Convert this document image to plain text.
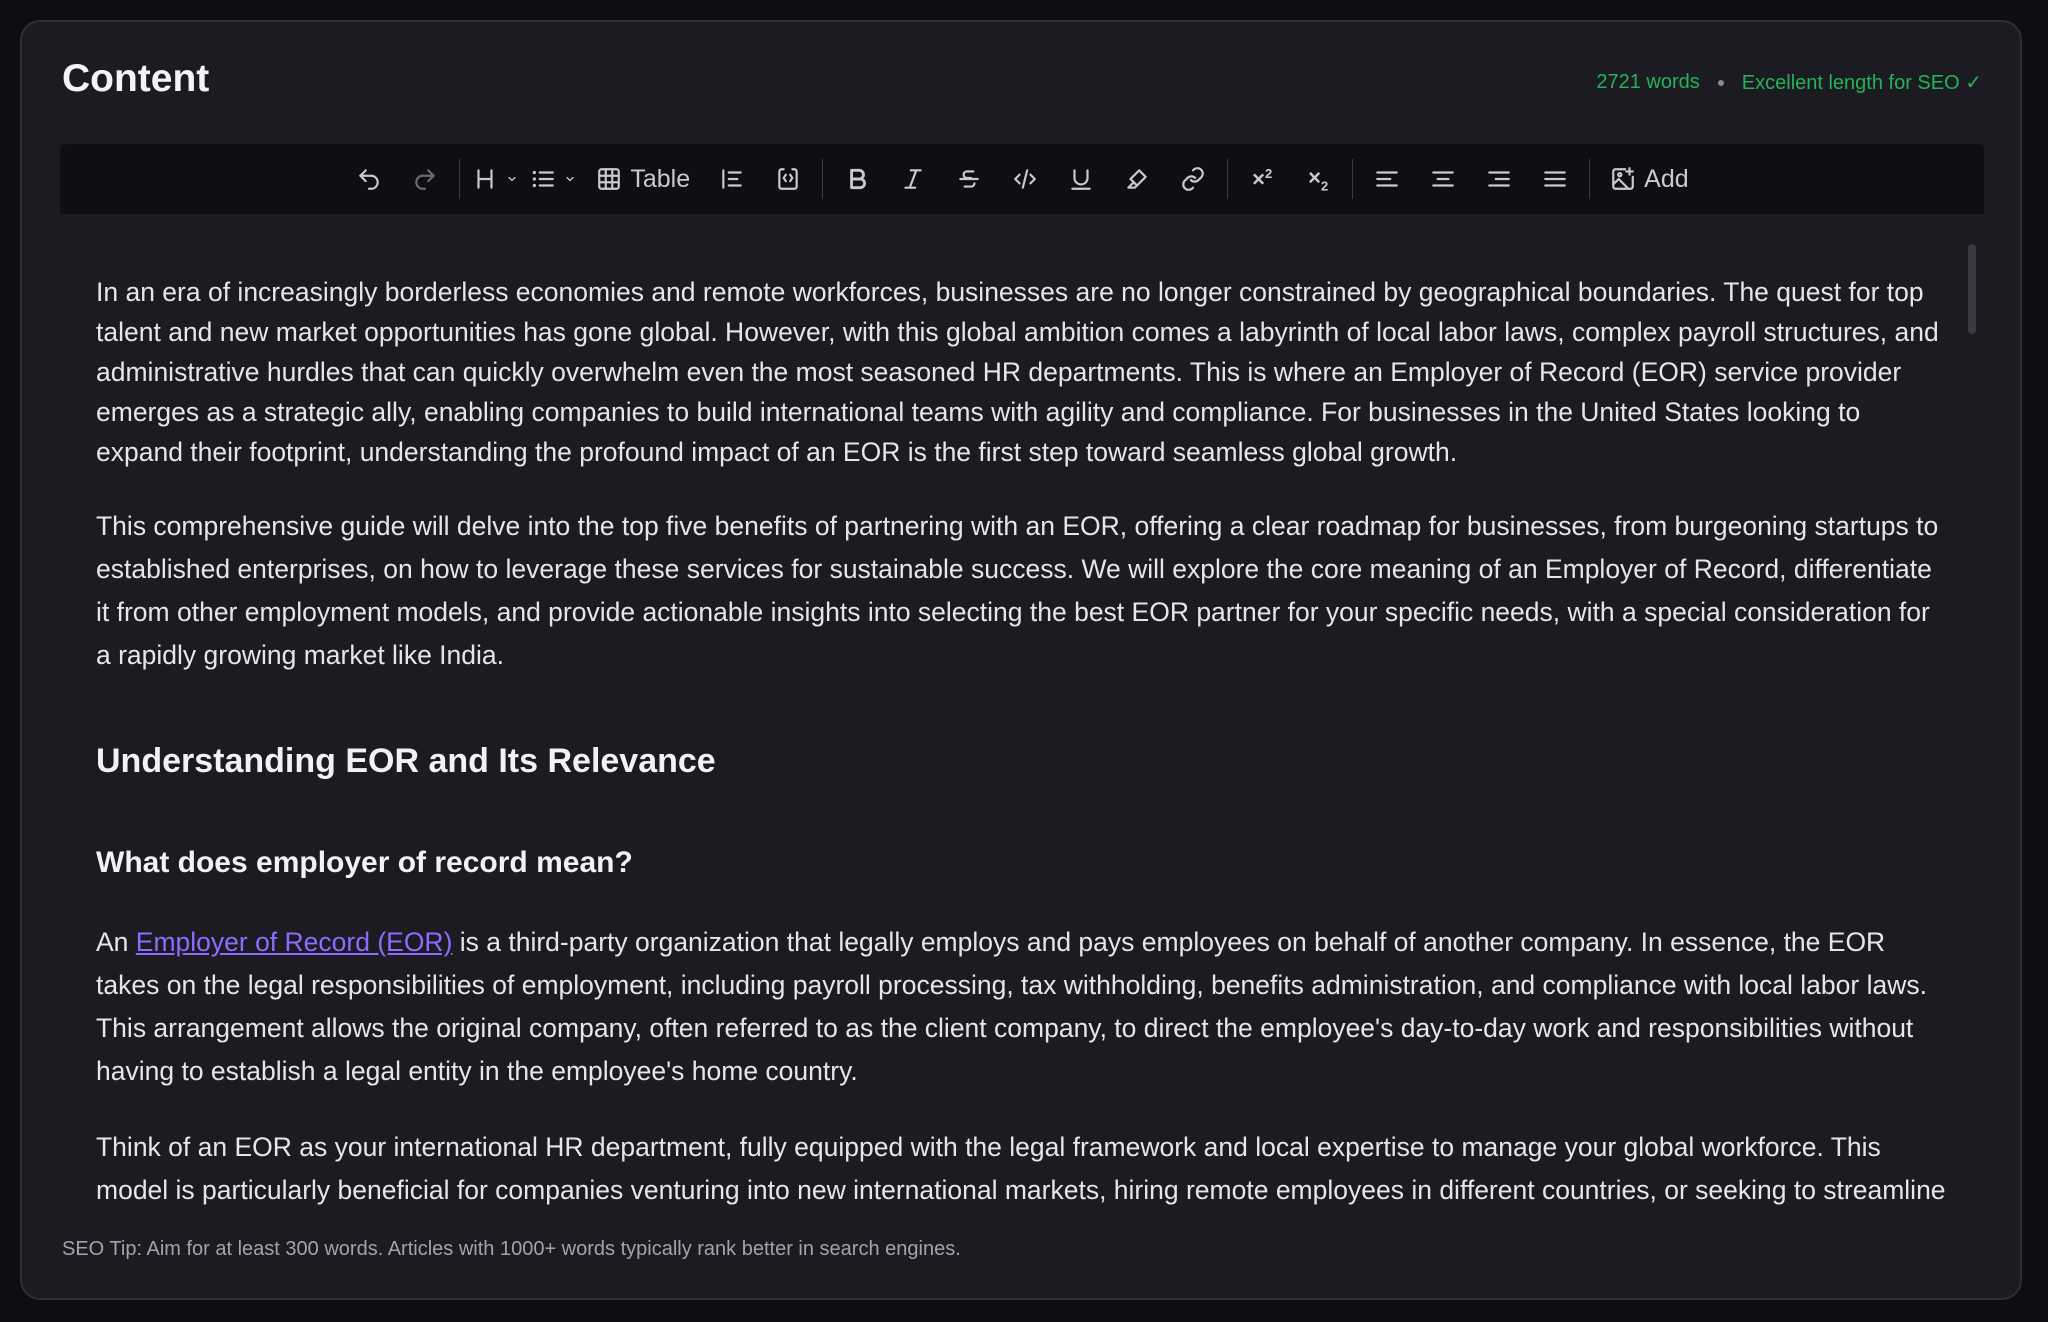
Content	2721 words Excellent length for SEO ✓
Table	$\times^2 \times_2$	Add

In an era of increasingly borderless economies and remote workforces, businesses are no longer constrained by geographical boundaries. The quest for top talent and new market opportunities has gone global. However, with this global ambition comes a labyrinth of local labor laws, complex payroll structures, and administrative hurdles that can quickly overwhelm even the most seasoned HR departments. This is where an Employer of Record (EOR) service provider emerges as a strategic ally, enabling companies to build international teams with agility and compliance. For businesses in the United States looking to expand their footprint, understanding the profound impact of an EOR is the first step toward seamless global growth.

This comprehensive guide will delve into the top five benefits of partnering with an EOR, offering a clear roadmap for businesses, from burgeoning startups to established enterprises, on how to leverage these services for sustainable success. We will explore the core meaning of an Employer of Record, differentiate it from other employment models, and provide actionable insights into selecting the best EOR partner for your specific needs, with a special consideration for a rapidly growing market like India.

Understanding EOR and Its Relevance
What does employer of record mean?

An Employer of Record (EOR) is a third-party organization that legally employs and pays employees on behalf of another company. In essence, the EOR takes on the legal responsibilities of employment, including payroll processing, tax withholding, benefits administration, and compliance with local labor laws. This arrangement allows the original company, often referred to as the client company, to direct the employee's day-to-day work and responsibilities without having to establish a legal entity in the employee's home country.

Think of an EOR as your international HR department, fully equipped with the legal framework and local expertise to manage your global workforce. This model is particularly beneficial for companies venturing into new international markets, hiring remote employees in different countries, or seeking to streamline

SEO Tip: Aim for at least 300 words. Articles with 1000+ words typically rank better in search engines.
